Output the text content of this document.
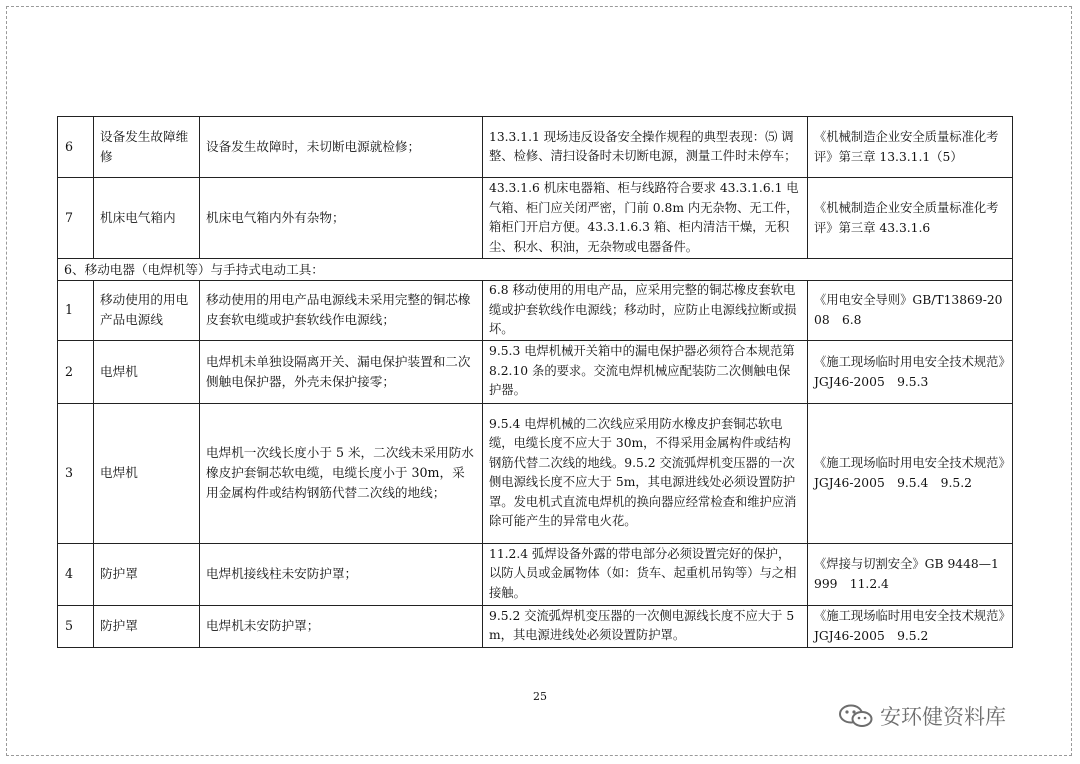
6	设备发生故障维修	设备发生故障时，未切断电源就检修；	13.3.1.1 现场违反设备安全操作规程的典型表现：⑸ 调整、检修、清扫设备时未切断电源，测量工件时未停车；	《机械制造企业安全质量标准化考评》第三章 13.3.1.1（5）
7	机床电气箱内	机床电气箱内外有杂物；	43.3.1.6 机床电器箱、柜与线路符合要求 43.3.1.6.1 电气箱、柜门应关闭严密，门前 0.8m 内无杂物、无工件，箱柜门开启方便。43.3.1.6.3 箱、柜内清洁干燥，无积尘、积水、积油，无杂物或电器备件。	《机械制造企业安全质量标准化考评》第三章 43.3.1.6
6、移动电器（电焊机等）与手持式电动工具：				
1	移动使用的用电产品电源线	移动使用的用电产品电源线未采用完整的铜芯橡皮套软电缆或护套软线作电源线；	6.8 移动使用的用电产品，应采用完整的铜芯橡皮套软电缆或护套软线作电源线；移动时，应防止电源线拉断或损坏。	《用电安全导则》GB/T13869-2008　6.8
2	电焊机	电焊机未单独设隔离开关、漏电保护装置和二次侧触电保护器，外壳未保护接零；	9.5.3 电焊机械开关箱中的漏电保护器必须符合本规范第 8.2.10 条的要求。交流电焊机械应配装防二次侧触电保护器。	《施工现场临时用电安全技术规范》JGJ46-2005　9.5.3
3	电焊机	电焊机一次线长度小于 5 米，二次线未采用防水橡皮护套铜芯软电缆，电缆长度小于 30m，采用金属构件或结构钢筋代替二次线的地线；	9.5.4 电焊机械的二次线应采用防水橡皮护套铜芯软电缆，电缆长度不应大于 30m，不得采用金属构件或结构钢筋代替二次线的地线。9.5.2 交流弧焊机变压器的一次侧电源线长度不应大于 5m，其电源进线处必须设置防护罩。发电机式直流电焊机的换向器应经常检查和维护应消除可能产生的异常电火花。	《施工现场临时用电安全技术规范》JGJ46-2005　9.5.4　9.5.2
4	防护罩	电焊机接线柱未安防护罩；	11.2.4 弧焊设备外露的带电部分必须设置完好的保护，以防人员或金属物体（如：货车、起重机吊钩等）与之相接触。	《焊接与切割安全》GB 9448—1999　11.2.4
5	防护罩	电焊机未安防护罩；	9.5.2 交流弧焊机变压器的一次侧电源线长度不应大于 5m，其电源进线处必须设置防护罩。	《施工现场临时用电安全技术规范》JGJ46-2005　9.5.2
25
安环健资料库
